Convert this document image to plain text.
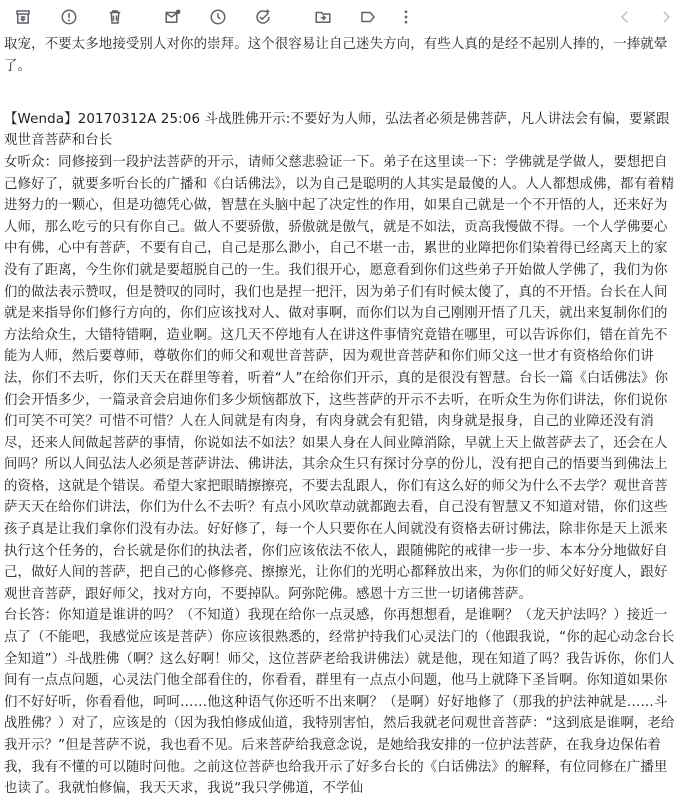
取宠，不要太多地接受别人对你的崇拜。这个很容易让自己迷失方向，有些人真的是经不起别人捧的，一捧就晕了。

【Wenda】20170312A 25:06 斗战胜佛开示:不要好为人师，弘法者必须是佛菩萨，凡人讲法会有偏，要紧跟观世音菩萨和台长

女听众：同修接到一段护法菩萨的开示，请师父慈悲验证一下。弟子在这里读一下：学佛就是学做人，要想把自己修好了，就要多听台长的广播和《白话佛法》，以为自己是聪明的人其实是最傻的人。人人都想成佛，都有着精进努力的一颗心，但是功德凭心做，智慧在头脑中起了决定性的作用，如果自己就是一个不开悟的人，还来好为人师，那么吃亏的只有你自己。做人不要骄傲，骄傲就是傲气，就是不如法，贡高我慢做不得。一个人学佛要心中有佛，心中有菩萨，不要有自己，自己是那么渺小，自己不堪一击，累世的业障把你们染着得已经离天上的家没有了距离，今生你们就是要超脱自己的一生。我们很开心，愿意看到你们这些弟子开始做人学佛了，我们为你们的做法表示赞叹，但是赞叹的同时，我们也是捏一把汗，因为弟子们有时候太傻了，真的不开悟。台长在人间就是来指导你们修行方向的，你们应该找对人、做对事啊，而你们以为自己刚刚开悟了几天，就出来复制你们的方法给众生，大错特错啊，造业啊。这几天不停地有人在讲这件事情究竟错在哪里，可以告诉你们，错在首先不能为人师，然后要尊师，尊敬你们的师父和观世音菩萨，因为观世音菩萨和你们师父这一世才有资格给你们讲法，你们不去听，你们天天在群里等着，听着“人”在给你们开示，真的是很没有智慧。台长一篇《白话佛法》你们会开悟多少，一篇录音会启迪你们多少烦恼都放下，这些菩萨的开示不去听，在听众生为你们讲法，你们说你们可笑不可笑？可惜不可惜？人在人间就是有肉身，有肉身就会有犯错，肉身就是报身，自己的业障还没有消尽，还来人间做起菩萨的事情，你说如法不如法？如果人身在人间业障消除，早就上天上做菩萨去了，还会在人间吗？所以人间弘法人必须是菩萨讲法、佛讲法，其余众生只有探讨分享的份儿，没有把自己的悟要当到佛法上的资格，这就是个错误。希望大家把眼睛擦擦亮，不要去乱跟人，你们有这么好的师父为什么不去学？观世音菩萨天天在给你们讲法，你们为什么不去听？有点小风吹草动就都跑去看，自己没有智慧又不知道对错，你们这些孩子真是让我们拿你们没有办法。好好修了，每一个人只要你在人间就没有资格去研讨佛法，除非你是天上派来执行这个任务的，台长就是你们的执法者，你们应该依法不依人，跟随佛陀的戒律一步一步、本本分分地做好自己，做好人间的菩萨，把自己的心修修亮、擦擦光，让你们的光明心都释放出来，为你们的师父好好度人，跟好观世音菩萨，跟好师父，找对方向，不要掉队。阿弥陀佛。感恩十方三世一切诸佛菩萨。

台长答：你知道是谁讲的吗？（不知道）我现在给你一点灵感，你再想想看，是谁啊？（龙天护法吗？）接近一点了（不能吧，我感觉应该是菩萨）你应该很熟悉的，经常护持我们心灵法门的（他跟我说，“你的起心动念台长全知道”）斗战胜佛（啊？这么好啊！师父，这位菩萨老给我讲佛法）就是他，现在知道了吗？我告诉你，你们人间有一点点问题，心灵法门他全部看住的，你看看，群里有一点点小问题，他马上就降下圣旨啊。你知道如果你们不好好听，你看看他，呵呵……他这种语气你还听不出来啊？（是啊）好好地修了（那我的护法神就是……斗战胜佛？）对了，应该是的（因为我怕修成仙道，我特别害怕，然后我就老问观世音菩萨：“这到底是谁啊，老给我开示？”但是菩萨不说，我也看不见。后来菩萨给我意念说，是她给我安排的一位护法菩萨，在我身边保佑着我，我有不懂的可以随时问他。之前这位菩萨也给我开示了好多台长的《白话佛法》的解释，有位同修在广播里也读了。我就怕修偏，我天天求，我说“我只学佛道，不学仙
